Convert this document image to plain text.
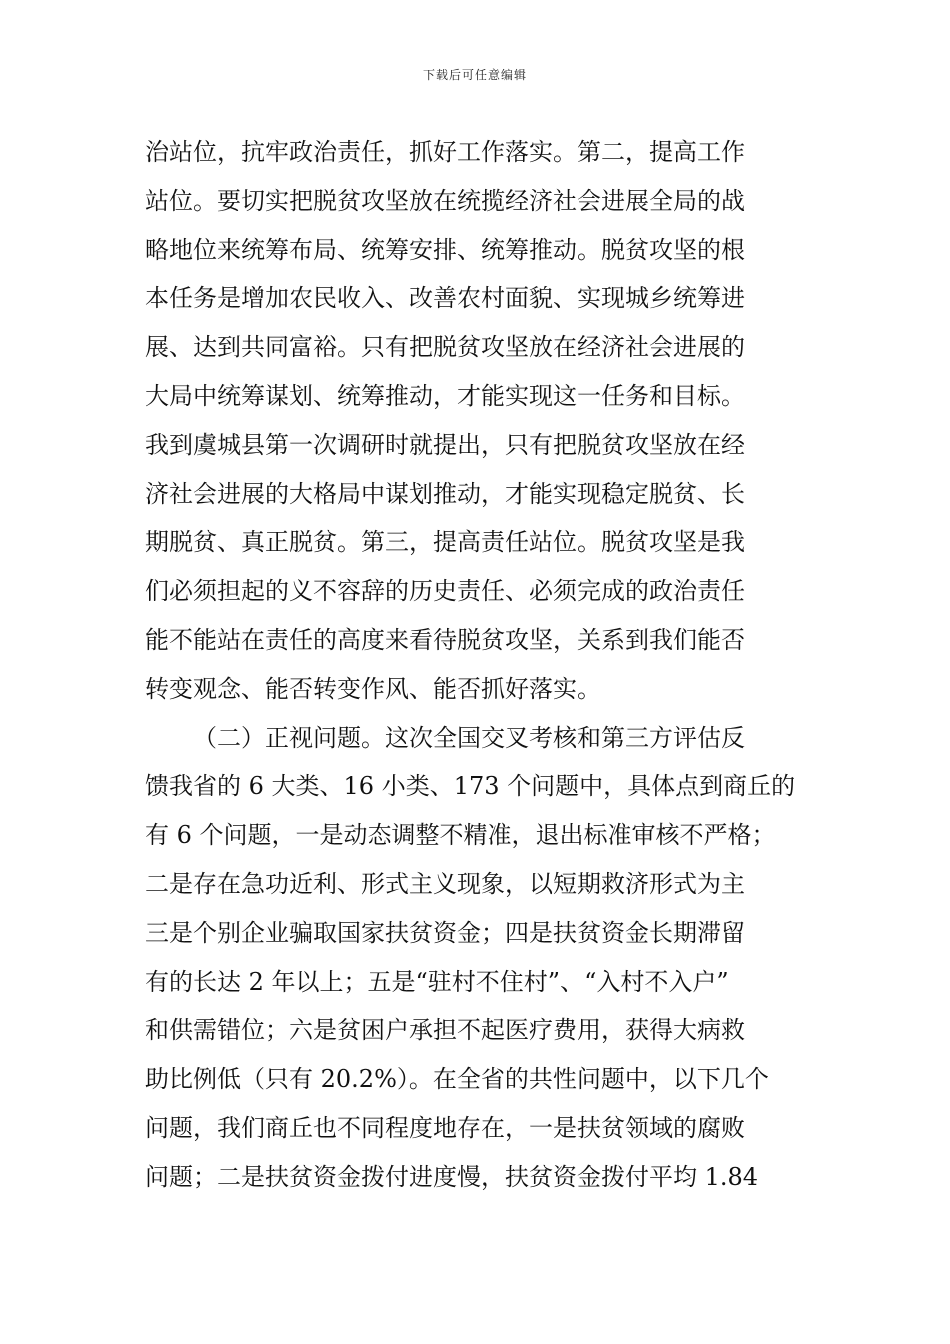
下载后可任意编辑
治站位，抗牢政治责任，抓好工作落实。第二，提高工作
站位。要切实把脱贫攻坚放在统揽经济社会进展全局的战
略地位来统筹布局、统筹安排、统筹推动。脱贫攻坚的根
本任务是增加农民收入、改善农村面貌、实现城乡统筹进
展、达到共同富裕。只有把脱贫攻坚放在经济社会进展的
大局中统筹谋划、统筹推动，才能实现这一任务和目标。
我到虞城县第一次调研时就提出，只有把脱贫攻坚放在经
济社会进展的大格局中谋划推动，才能实现稳定脱贫、长
期脱贫、真正脱贫。第三，提高责任站位。脱贫攻坚是我
们必须担起的义不容辞的历史责任、必须完成的政治责任
能不能站在责任的高度来看待脱贫攻坚，关系到我们能否
转变观念、能否转变作风、能否抓好落实。
（二）正视问题。这次全国交叉考核和第三方评估反
馈我省的 6 大类、16 小类、173 个问题中，具体点到商丘的
有 6 个问题，一是动态调整不精准，退出标准审核不严格；
二是存在急功近利、形式主义现象，以短期救济形式为主
三是个别企业骗取国家扶贫资金；四是扶贫资金长期滞留
有的长达 2 年以上；五是“驻村不住村”、“入村不入户”
和供需错位；六是贫困户承担不起医疗费用，获得大病救
助比例低（只有 20.2%）。在全省的共性问题中，以下几个
问题，我们商丘也不同程度地存在，一是扶贫领域的腐败
问题；二是扶贫资金拨付进度慢，扶贫资金拨付平均 1.84
